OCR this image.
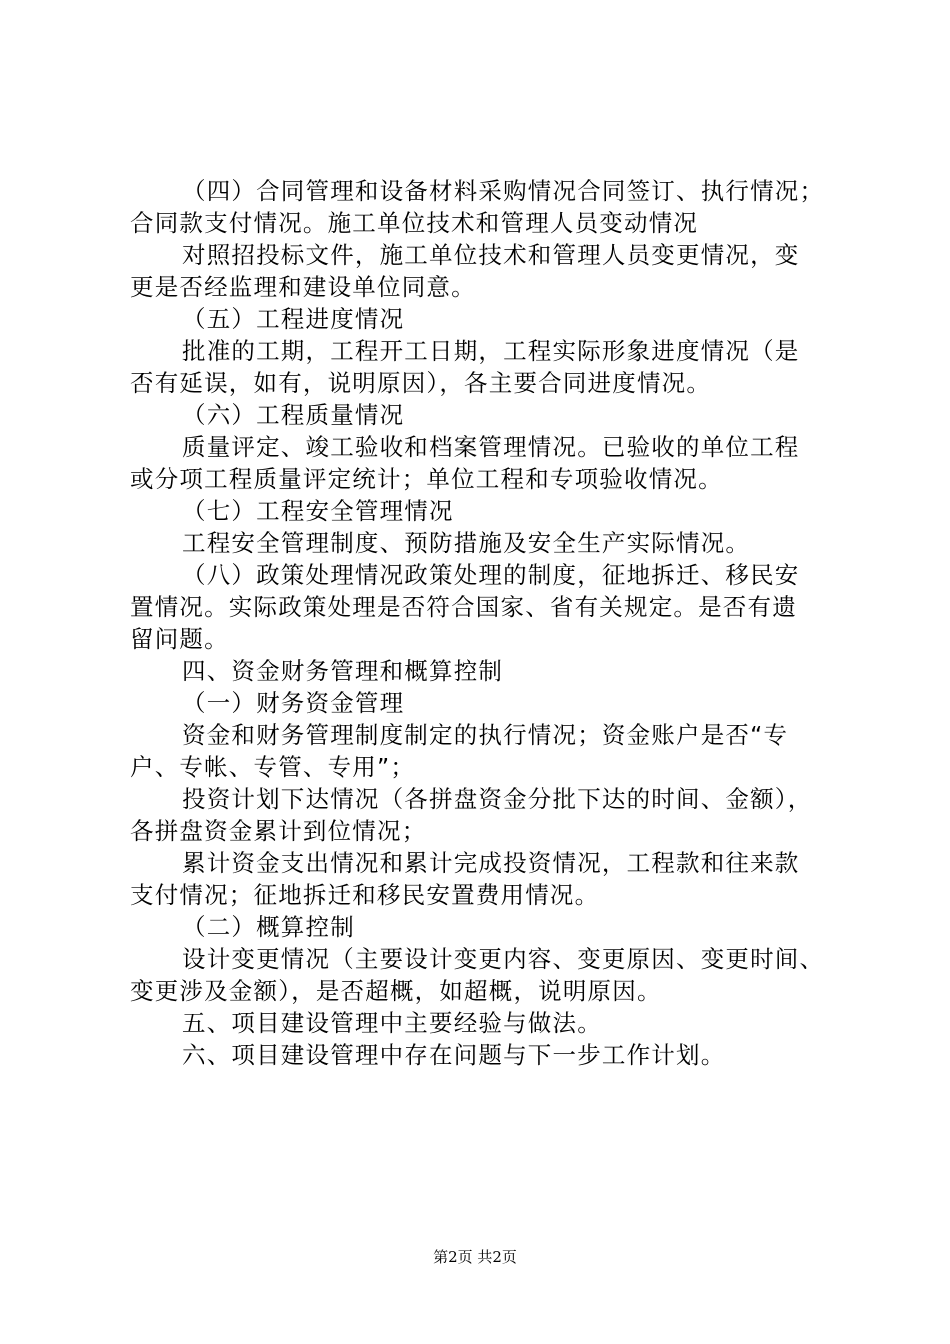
（四）合同管理和设备材料采购情况合同签订、执行情况；
合同款支付情况。施工单位技术和管理人员变动情况
对照招投标文件，施工单位技术和管理人员变更情况，变
更是否经监理和建设单位同意。
（五）工程进度情况
批准的工期，工程开工日期，工程实际形象进度情况（是
否有延误，如有，说明原因），各主要合同进度情况。
（六）工程质量情况
质量评定、竣工验收和档案管理情况。已验收的单位工程
或分项工程质量评定统计；单位工程和专项验收情况。
（七）工程安全管理情况
工程安全管理制度、预防措施及安全生产实际情况。
（八）政策处理情况政策处理的制度，征地拆迁、移民安
置情况。实际政策处理是否符合国家、省有关规定。是否有遗
留问题。
四、资金财务管理和概算控制
（一）财务资金管理
资金和财务管理制度制定的执行情况；资金账户是否“专
户、专帐、专管、专用”；
投资计划下达情况（各拼盘资金分批下达的时间、金额），
各拼盘资金累计到位情况；
累计资金支出情况和累计完成投资情况，工程款和往来款
支付情况；征地拆迁和移民安置费用情况。
（二）概算控制
设计变更情况（主要设计变更内容、变更原因、变更时间、
变更涉及金额），是否超概，如超概，说明原因。
五、项目建设管理中主要经验与做法。
六、项目建设管理中存在问题与下一步工作计划。
第2页 共2页
